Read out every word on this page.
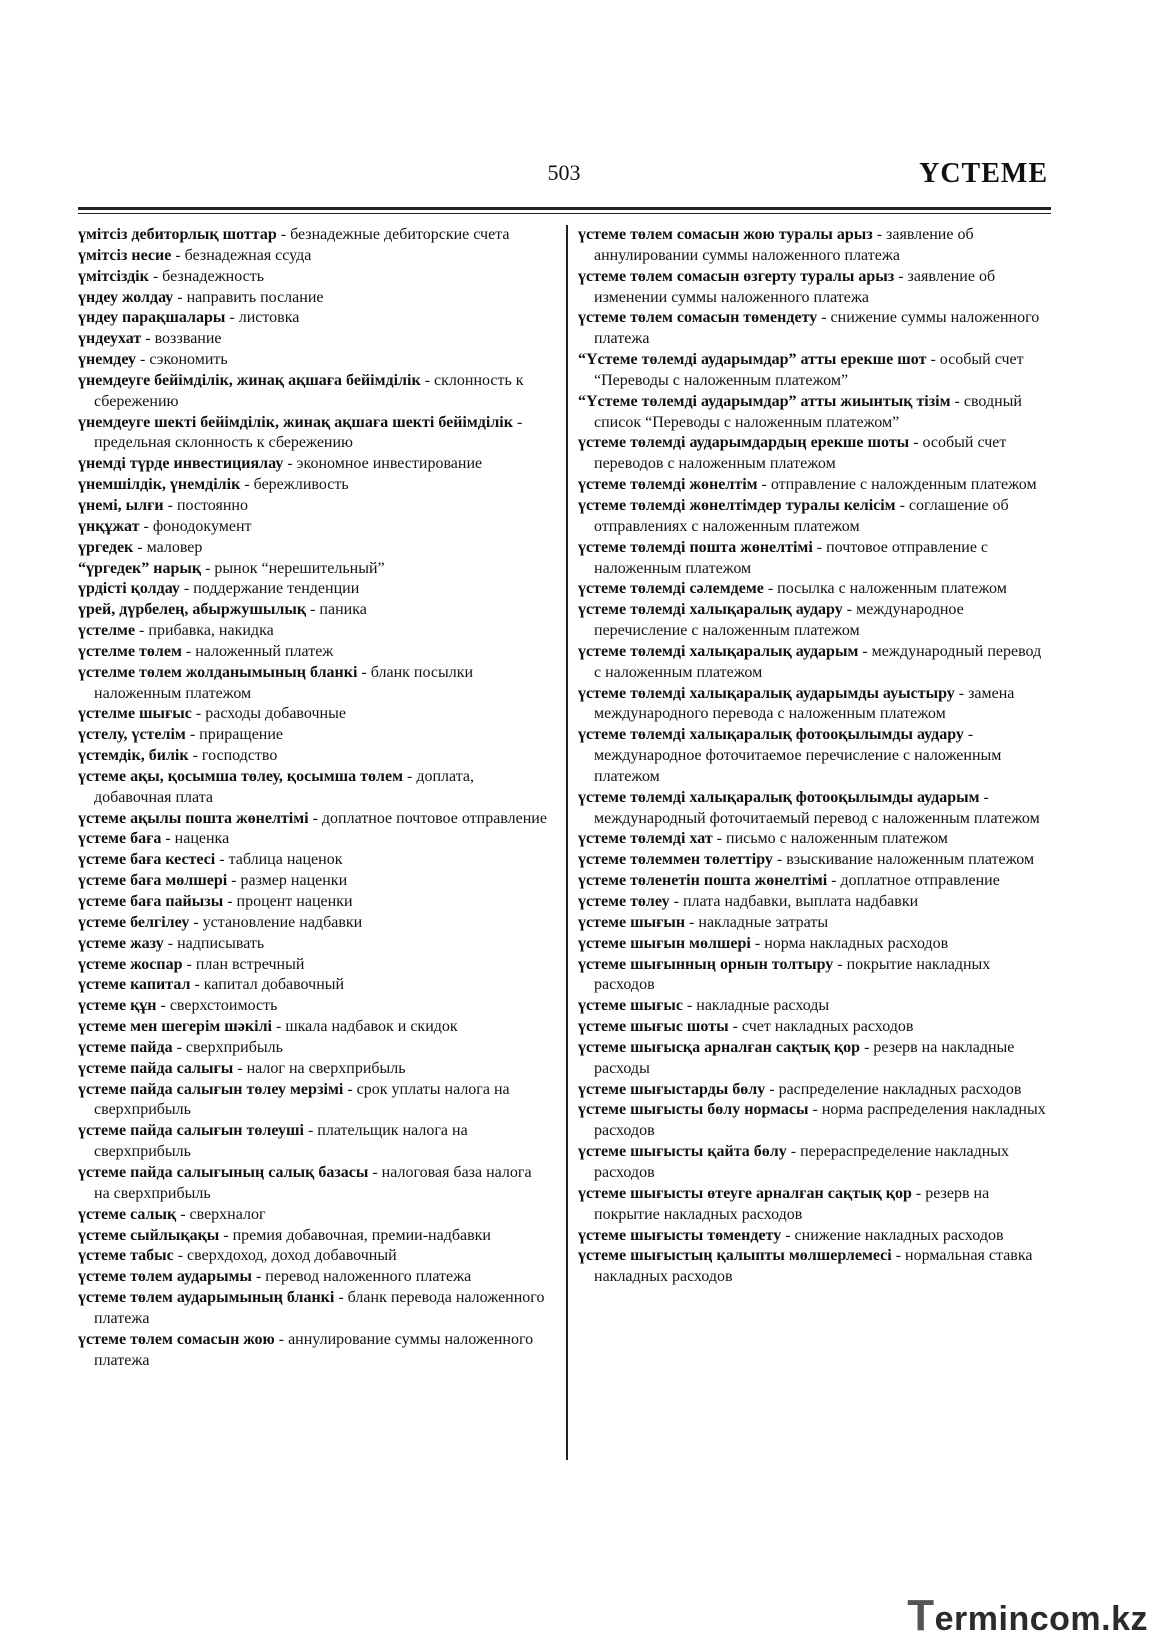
503	ҮСТЕМЕ

үмітсіз дебиторлық шоттар - безнадежные дебиторские счета

үмітсіз несие - безнадежная ссуда

үмітсіздік - безнадежность

үндеу жолдау - направить послание

үндеу парақшалары - листовка

үндеухат - воззвание

үнемдеу - сэкономить

үнемдеуге бейімділік, жинақ ақшаға бейімділік - склонность к сбережению

үнемдеуге шекті бейімділік, жинақ ақшаға шекті бейімділік - предельная склонность к сбережению

үнемді түрде инвестициялау - экономное инвестирование

үнемшілдік, үнемділік - бережливость

үнемі, ылғи - постоянно

үнқұжат - фонодокумент

үргедек - маловер

“үргедек” нарық - рынок “нерешительный”

үрдісті қолдау - поддержание тенденции

үрей, дүрбелең, абыржушылық - паника

үстелме - прибавка, накидка

үстелме төлем - наложенный платеж

үстелме төлем жолданымының бланкі - бланк посылки наложенным платежом

үстелме шығыс - расходы добавочные

үстелу, үстелім - приращение

үстемдік, билік - господство

үстеме ақы, қосымша төлеу, қосымша төлем - доплата, добавочная плата

үстеме ақылы пошта жөнелтімі - доплатное почтовое отправление

үстеме баға - наценка

үстеме баға кестесі - таблица наценок

үстеме баға мөлшері - размер наценки

үстеме баға пайызы - процент наценки

үстеме белгілеу - установление надбавки

үстеме жазу - надписывать

үстеме жоспар - план встречный

үстеме капитал - капитал добавочный

үстеме құн - сверхстоимость

үстеме мен шегерім шәкілі - шкала надбавок и скидок

үстеме пайда - сверхприбыль

үстеме пайда салығы - налог на сверхприбыль

үстеме пайда салығын төлеу мерзімі - срок уплаты налога на сверхприбыль

үстеме пайда салығын төлеуші - плательщик налога на сверхприбыль

үстеме пайда салығының салық базасы - налоговая база налога на сверхприбыль

үстеме салық - сверхналог

үстеме сыйлықақы - премия добавочная, премии-надбавки

үстеме табыс - сверхдоход, доход добавочный

үстеме төлем аударымы - перевод наложенного платежа

үстеме төлем аударымының бланкі - бланк перевода наложенного платежа

үстеме төлем сомасын жою - аннулирование суммы наложенного платежа

үстеме төлем сомасын жою туралы арыз - заявление об аннулировании суммы наложенного платежа

үстеме төлем сомасын өзгерту туралы арыз - заявление об изменении суммы наложенного платежа

үстеме төлем сомасын төмендету - снижение суммы наложенного платежа

“Үстеме төлемді аударымдар” атты ерекше шот - особый счет “Переводы с наложенным платежом”

“Үстеме төлемді аударымдар” атты жиынтық тізім - сводный список “Переводы с наложенным платежом”

үстеме төлемді аударымдардың ерекше шоты - особый счет переводов с наложенным платежом

үстеме төлемді жөнелтім - отправление с наложденным платежом

үстеме төлемді жөнелтімдер туралы келісім - соглашение об отправлениях с наложенным платежом

үстеме төлемді пошта жөнелтімі - почтовое отправление с наложенным платежом

үстеме төлемді сәлемдеме - посылка с наложенным платежом

үстеме төлемді халықаралық аудару - международное перечисление с наложенным платежом

үстеме төлемді халықаралық аударым - международный перевод с наложенным платежом

үстеме төлемді халықаралық аударымды ауыстыру - замена международного перевода с наложенным платежом

үстеме төлемді халықаралық фотооқылымды аудару - международное фоточитаемое перечисление с наложенным платежом

үстеме төлемді халықаралық фотооқылымды аударым - международный фоточитаемый перевод с наложенным платежом

үстеме төлемді хат - письмо с наложенным платежом

үстеме төлеммен төлеттіру - взыскивание наложенным платежом

үстеме төленетін пошта жөнелтімі - доплатное отправление

үстеме төлеу - плата надбавки, выплата надбавки

үстеме шығын - накладные затраты

үстеме шығын мөлшері - норма накладных расходов

үстеме шығынның орнын толтыру - покрытие накладных расходов

үстеме шығыс - накладные расходы

үстеме шығыс шоты - счет накладных расходов

үстеме шығысқа арналған сақтық қор - резерв на накладные расходы

үстеме шығыстарды бөлу - распределение накладных расходов

үстеме шығысты бөлу нормасы - норма распределения накладных расходов

үстеме шығысты қайта бөлу - перераспределение накладных расходов

үстеме шығысты өтеуге арналған сақтық қор - резерв на покрытие накладных расходов

үстеме шығысты төмендету - снижение накладных расходов

үстеме шығыстың қалыпты мөлшерлемесі - нормальная ставка накладных расходов

Termincom.kz
